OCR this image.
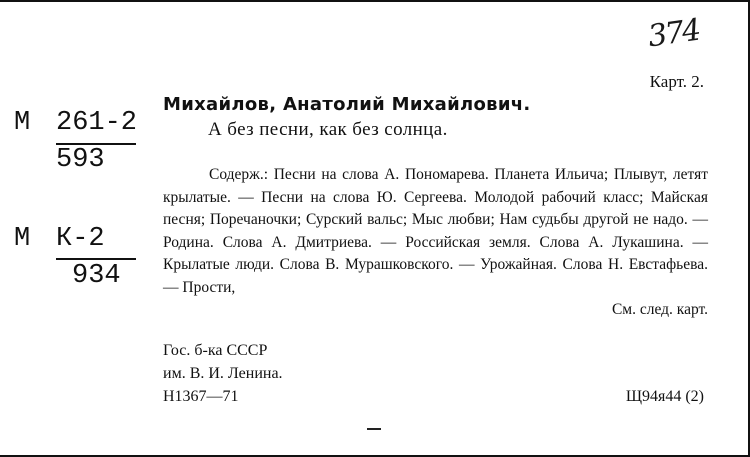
374
Карт. 2.
М 261-2
593
М К-2
934
Михайлов, Анатолий Михайлович.
А без песни, как без солнца.
Содерж.: Песни на слова А. Пономарева. Планета Ильича; Плывут, летят крылатые. — Песни на слова Ю. Сергеева. Молодой рабочий класс; Майская песня; Поречаночки; Сурский вальс; Мыс любви; Нам судьбы другой не надо. — Родина. Слова А. Дмитриева. — Российская земля. Слова А. Лукашина. — Крылатые люди. Слова В. Мурашковского. — Урожайная. Слова Н. Евстафьева. — Прости,
См. след. карт.
Гос. б-ка СССР
им. В. И. Ленина.
Н1367—71	Щ94я44 (2)
